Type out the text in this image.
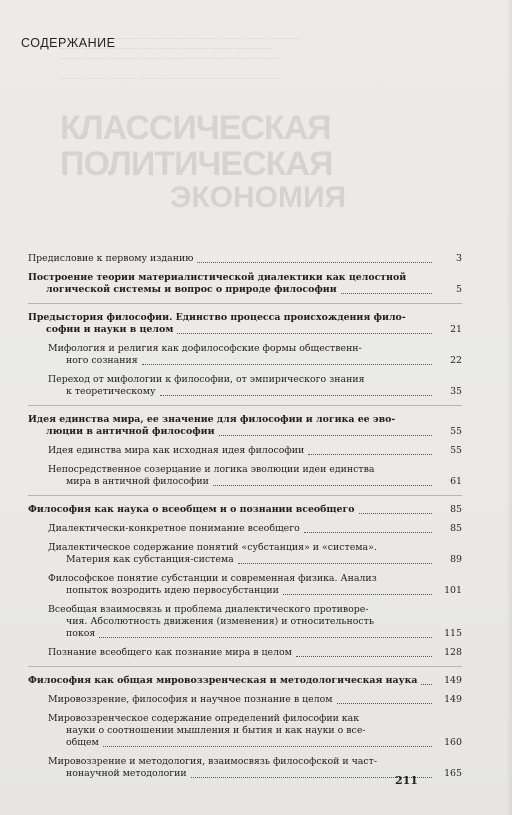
———— ——— ———— ——— ——— ———— ——— ——— ————
——— ———— ——— —— ——— ———— ——— ——— ——
——— ——— ———— ——— ———— —— ——— ——— ———

——— ——— ———— ——— ——— ——— ——— ——— ———
КЛАССИЧЕСКАЯ ПОЛИТИЧЕСКАЯ
ЭКОНОМИЯ
СОДЕРЖАНИЕ
Предисловие к первому изданию	3
Построение теории материалистической диалектики как целостной
логической системы и вопрос о природе философии	5
Предыстория философии. Единство процесса происхождения фило-
софии и науки в целом	21
Мифология и религия как дофилософские формы общественн-
ного сознания	22
Переход от мифологии к философии, от эмпирического знания
к теоретическому	35
Идея единства мира, ее значение для философии и логика ее эво-
люции в античной философии	55
Идея единства мира как исходная идея философии	55
Непосредственное созерцание и логика эволюции идеи единства
мира в античной философии	61
Философия как наука о всеобщем и о познании всеобщего	85
Диалектически-конкретное понимание всеобщего	85
Диалектическое содержание понятий «субстанция» и «система».
Материя как субстанция-система	89
Философское понятие субстанции и современная физика. Анализ
попыток возродить идею первосубстанции	101
Всеобщая взаимосвязь и проблема диалектического противоре-
чия. Абсолютность движения (изменения) и относительность
покоя	115
Познание всеобщего как познание мира в целом	128
Философия как общая мировоззренческая и методологическая наука	149
Мировоззрение, философия и научное познание в целом	149
Мировоззренческое содержание определений философии как
науки о соотношении мышления и бытия и как науки о все-
общем	160
Мировоззрение и методология, взаимосвязь философской и част-
нонаучной методологии	165
211
